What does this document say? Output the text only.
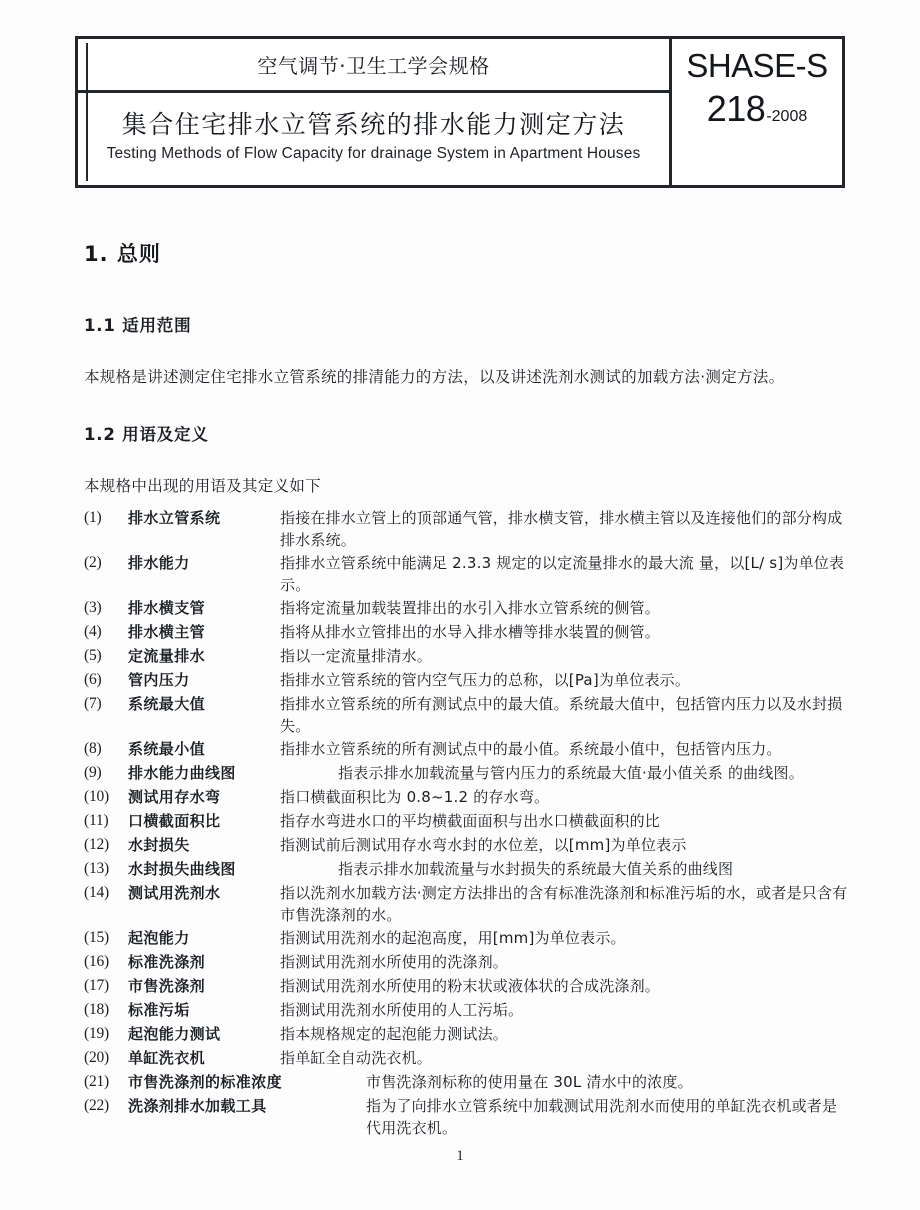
空气调节·卫生工学会规格
集合住宅排水立管系统的排水能力测定方法
Testing Methods of Flow Capacity for drainage System in Apartment Houses
SHASE-S
218 -2008
1. 总则
1.1 适用范围

本规格是讲述测定住宅排水立管系统的排清能力的方法，以及讲述洗剂水测试的加载方法·测定方法。

1.2 用语及定义

本规格中出现的用语及其定义如下

(1)	排水立管系统	指接在排水立管上的顶部通气管，排水横支管，排水横主管以及连接他们的部分构成排水系统。
(2)	排水能力	指排水立管系统中能满足 2.3.3 规定的以定流量排水的最大流 量，以[L/ s]为单位表示。
(3)	排水横支管	指将定流量加载装置排出的水引入排水立管系统的侧管。
(4)	排水横主管	指将从排水立管排出的水导入排水槽等排水装置的侧管。
(5)	定流量排水	指以一定流量排清水。
(6)	管内压力	指排水立管系统的管内空气压力的总称，以[Pa]为单位表示。
(7)	系统最大值	指排水立管系统的所有测试点中的最大值。系统最大值中，包括管内压力以及水封损失。
(8)	系统最小值	指排水立管系统的所有测试点中的最小值。系统最小值中，包括管内压力。
(9)	排水能力曲线图	指表示排水加载流量与管内压力的系统最大值·最小值关系 的曲线图。
(10)	测试用存水弯	指口横截面积比为 0.8~1.2 的存水弯。
(11)	口横截面积比	指存水弯进水口的平均横截面面积与出水口横截面积的比
(12)	水封损失	指测试前后测试用存水弯水封的水位差，以[mm]为单位表示
(13)	水封损失曲线图	指表示排水加载流量与水封损失的系统最大值关系的曲线图
(14)	测试用洗剂水	指以洗剂水加载方法·测定方法排出的含有标准洗涤剂和标准污垢的水，或者是只含有市售洗涤剂的水。
(15)	起泡能力	指测试用洗剂水的起泡高度，用[mm]为单位表示。
(16)	标准洗涤剂	指测试用洗剂水所使用的洗涤剂。
(17)	市售洗涤剂	指测试用洗剂水所使用的粉末状或液体状的合成洗涤剂。
(18)	标准污垢	指测试用洗剂水所使用的人工污垢。
(19)	起泡能力测试	指本规格规定的起泡能力测试法。
(20)	单缸洗衣机	指单缸全自动洗衣机。
(21)	市售洗涤剂的标准浓度	市售洗涤剂标称的使用量在 30L 清水中的浓度。
(22)	洗涤剂排水加载工具	指为了向排水立管系统中加载测试用洗剂水而使用的单缸洗衣机或者是代用洗衣机。
1
